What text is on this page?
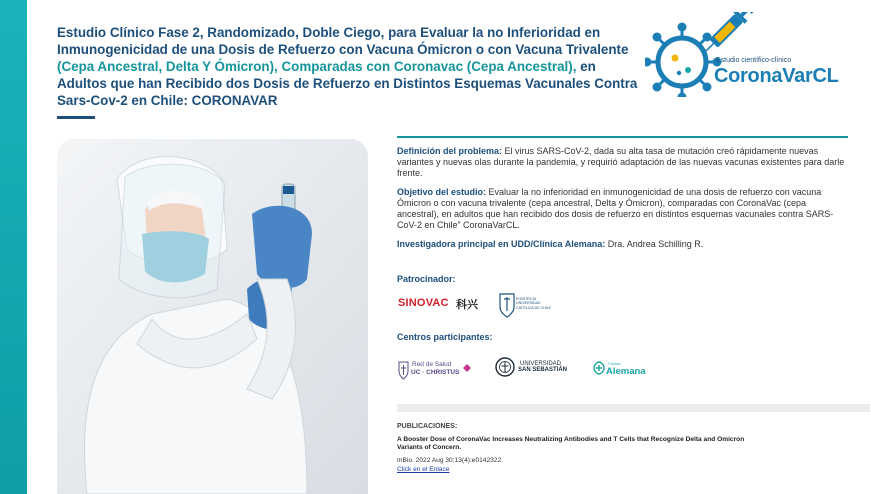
Estudio Clínico Fase 2, Randomizado, Doble Ciego, para Evaluar la no Inferioridad en Inmunogenicidad de una Dosis de Refuerzo con Vacuna Ómicron o con Vacuna Trivalente (Cepa Ancestral, Delta Y Ómicron), Comparadas con Coronavac (Cepa Ancestral), en Adultos que han Recibido dos Dosis de Refuerzo en Distintos Esquemas Vacunales Contra Sars-Cov-2 en Chile: CORONAVAR
Estudio científico-clínico
CoronaVarCL

Definición del problema: El virus SARS-CoV-2, dada su alta tasa de mutación creó rápidamente nuevas variantes y nuevas olas durante la pandemia, y requirió adaptación de las nuevas vacunas existentes para darle frente.

Objetivo del estudio: Evaluar la no inferioridad en inmunogenicidad de una dosis de refuerzo con vacuna Ómicron o con vacuna trivalente (cepa ancestral, Delta y Ómicron), comparadas con CoronaVac (cepa ancestral), en adultos que han recibido dos dosis de refuerzo en distintos esquemas vacunales contra SARS-CoV-2 en Chile” CoronaVarCL.

Investigadora principal en UDD/Clínica Alemana: Dra. Andrea Schilling R.

Patrocinador:
SINOVAC 科兴	PONTIFICIA UNIVERSIDAD CATÓLICA DE CHILE
Centros participantes:
Red de Salud
UC · CHRISTUS
UNIVERSIDAD
SAN SEBASTIÁN
Clínica
Alemana
PUBLICACIONES:
A Booster Dose of CoronaVac Increases Neutralizing Antibodies and T Cells that Recognize Delta and Omicron Variants of Concern.
mBio. 2022 Aug 30;13(4):e0142322.
Click en el Enlace
